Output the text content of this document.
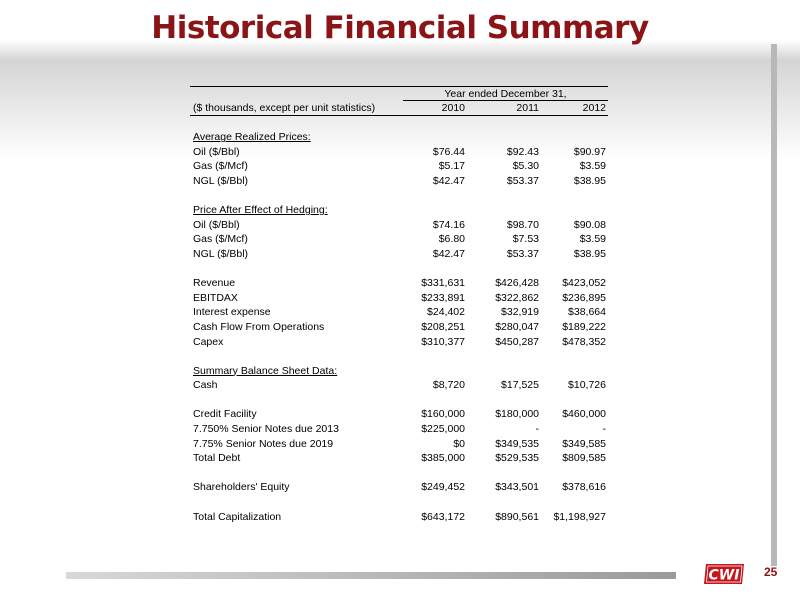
Historical Financial Summary
Year ended December 31,
($ thousands, except per unit statistics)	2010	2011	2012
Average Realized Prices:
Oil ($/Bbl)	$76.44	$92.43	$90.97
Gas ($/Mcf)	$5.17	$5.30	$3.59
NGL ($/Bbl)	$42.47	$53.37	$38.95
Price After Effect of Hedging:
Oil ($/Bbl)	$74.16	$98.70	$90.08
Gas ($/Mcf)	$6.80	$7.53	$3.59
NGL ($/Bbl)	$42.47	$53.37	$38.95
Revenue	$331,631	$426,428	$423,052
EBITDAX	$233,891	$322,862	$236,895
Interest expense	$24,402	$32,919	$38,664
Cash Flow From Operations	$208,251	$280,047	$189,222
Capex	$310,377	$450,287	$478,352
Summary Balance Sheet Data:
Cash	$8,720	$17,525	$10,726
Credit Facility	$160,000	$180,000	$460,000
7.750% Senior Notes due 2013	$225,000	-	-
7.75% Senior Notes due 2019	$0	$349,535	$349,585
Total Debt	$385,000	$529,535	$809,585
Shareholders' Equity	$249,452	$343,501	$378,616
Total Capitalization	$643,172	$890,561	$1,198,927
CWI 25
